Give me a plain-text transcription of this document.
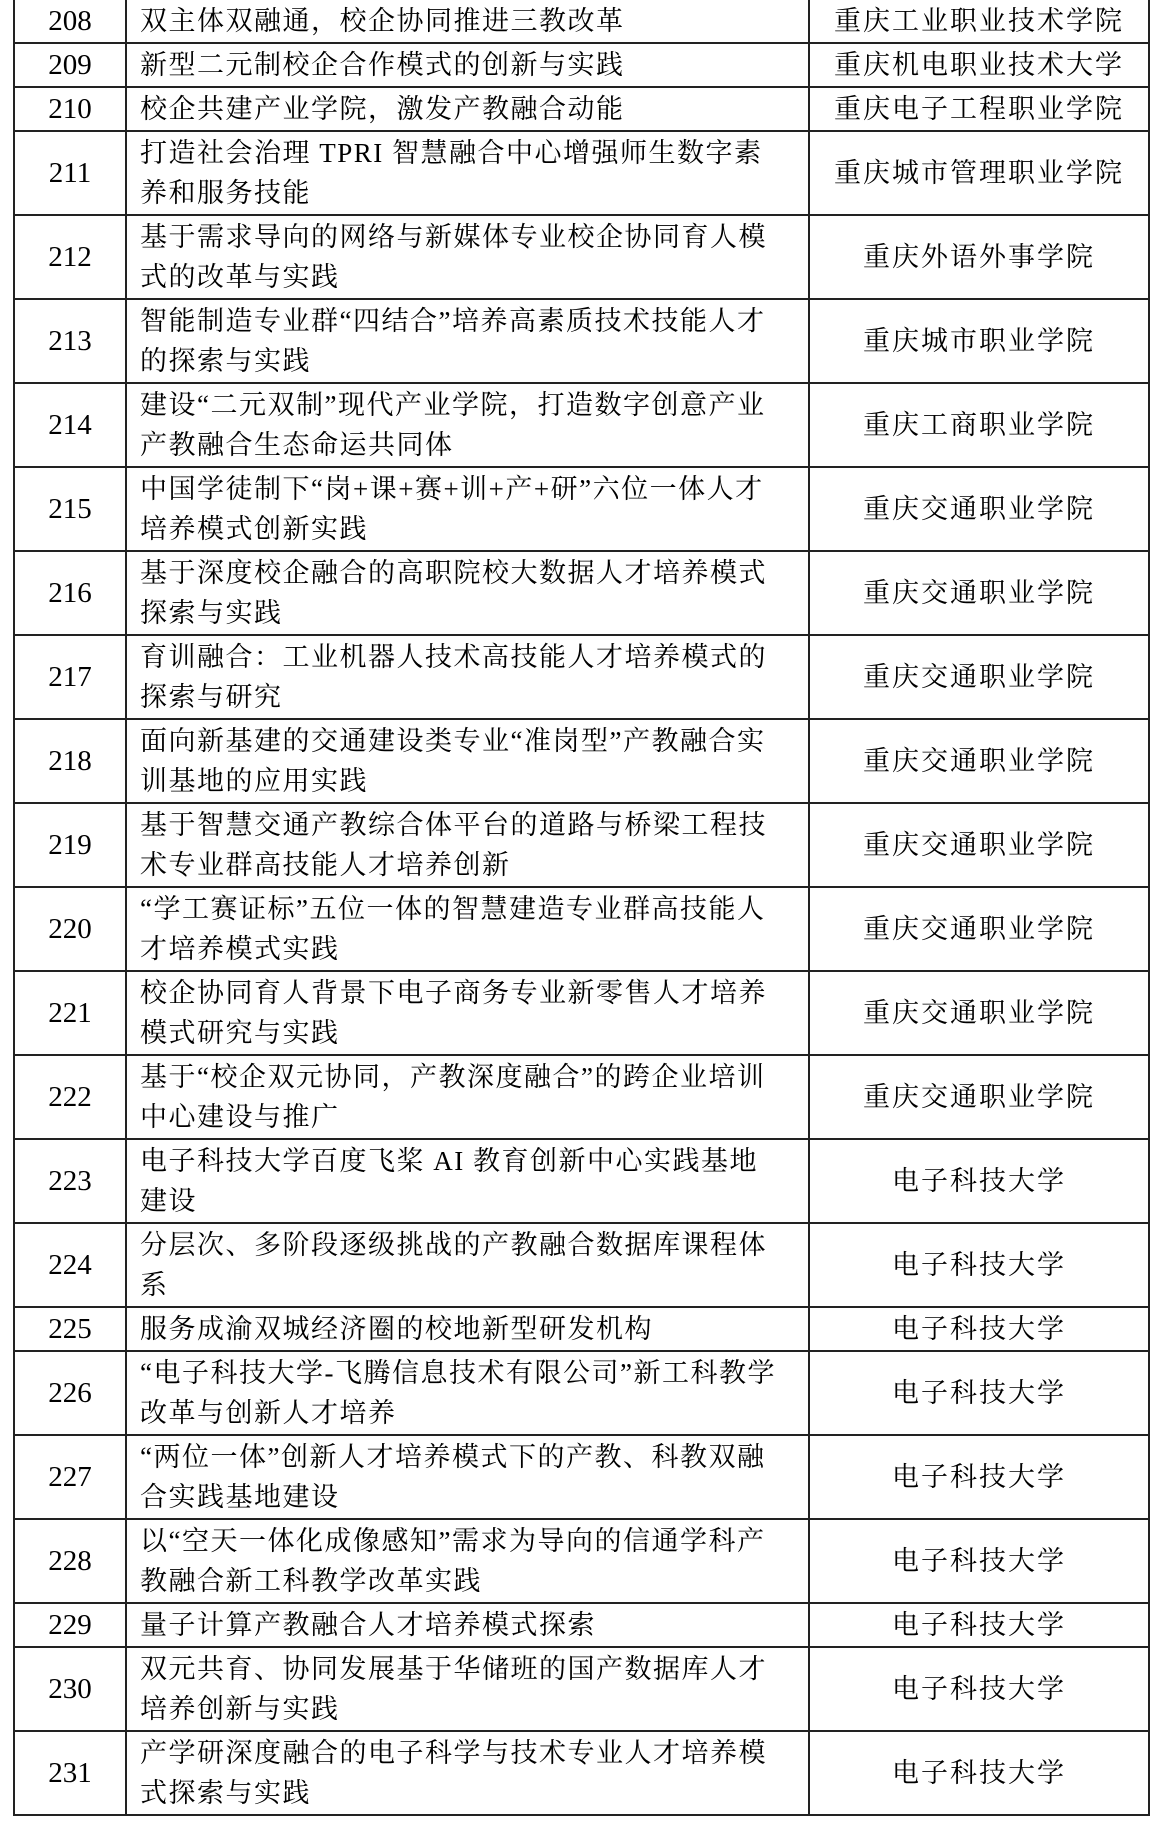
208	双主体双融通，校企协同推进三教改革	重庆工业职业技术学院
209	新型二元制校企合作模式的创新与实践	重庆机电职业技术大学
210	校企共建产业学院，激发产教融合动能	重庆电子工程职业学院
211	打造社会治理 TPRI 智慧融合中心增强师生数字素养和服务技能	重庆城市管理职业学院
212	基于需求导向的网络与新媒体专业校企协同育人模式的改革与实践	重庆外语外事学院
213	智能制造专业群“四结合”培养高素质技术技能人才的探索与实践	重庆城市职业学院
214	建设“二元双制”现代产业学院，打造数字创意产业产教融合生态命运共同体	重庆工商职业学院
215	中国学徒制下“岗+课+赛+训+产+研”六位一体人才培养模式创新实践	重庆交通职业学院
216	基于深度校企融合的高职院校大数据人才培养模式探索与实践	重庆交通职业学院
217	育训融合：工业机器人技术高技能人才培养模式的探索与研究	重庆交通职业学院
218	面向新基建的交通建设类专业“准岗型”产教融合实训基地的应用实践	重庆交通职业学院
219	基于智慧交通产教综合体平台的道路与桥梁工程技术专业群高技能人才培养创新	重庆交通职业学院
220	“学工赛证标”五位一体的智慧建造专业群高技能人才培养模式实践	重庆交通职业学院
221	校企协同育人背景下电子商务专业新零售人才培养模式研究与实践	重庆交通职业学院
222	基于“校企双元协同，产教深度融合”的跨企业培训中心建设与推广	重庆交通职业学院
223	电子科技大学百度飞桨 AI 教育创新中心实践基地建设	电子科技大学
224	分层次、多阶段逐级挑战的产教融合数据库课程体系	电子科技大学
225	服务成渝双城经济圈的校地新型研发机构	电子科技大学
226	“电子科技大学-飞腾信息技术有限公司”新工科教学改革与创新人才培养	电子科技大学
227	“两位一体”创新人才培养模式下的产教、科教双融合实践基地建设	电子科技大学
228	以“空天一体化成像感知”需求为导向的信通学科产教融合新工科教学改革实践	电子科技大学
229	量子计算产教融合人才培养模式探索	电子科技大学
230	双元共育、协同发展基于华储班的国产数据库人才培养创新与实践	电子科技大学
231	产学研深度融合的电子科学与技术专业人才培养模式探索与实践	电子科技大学
